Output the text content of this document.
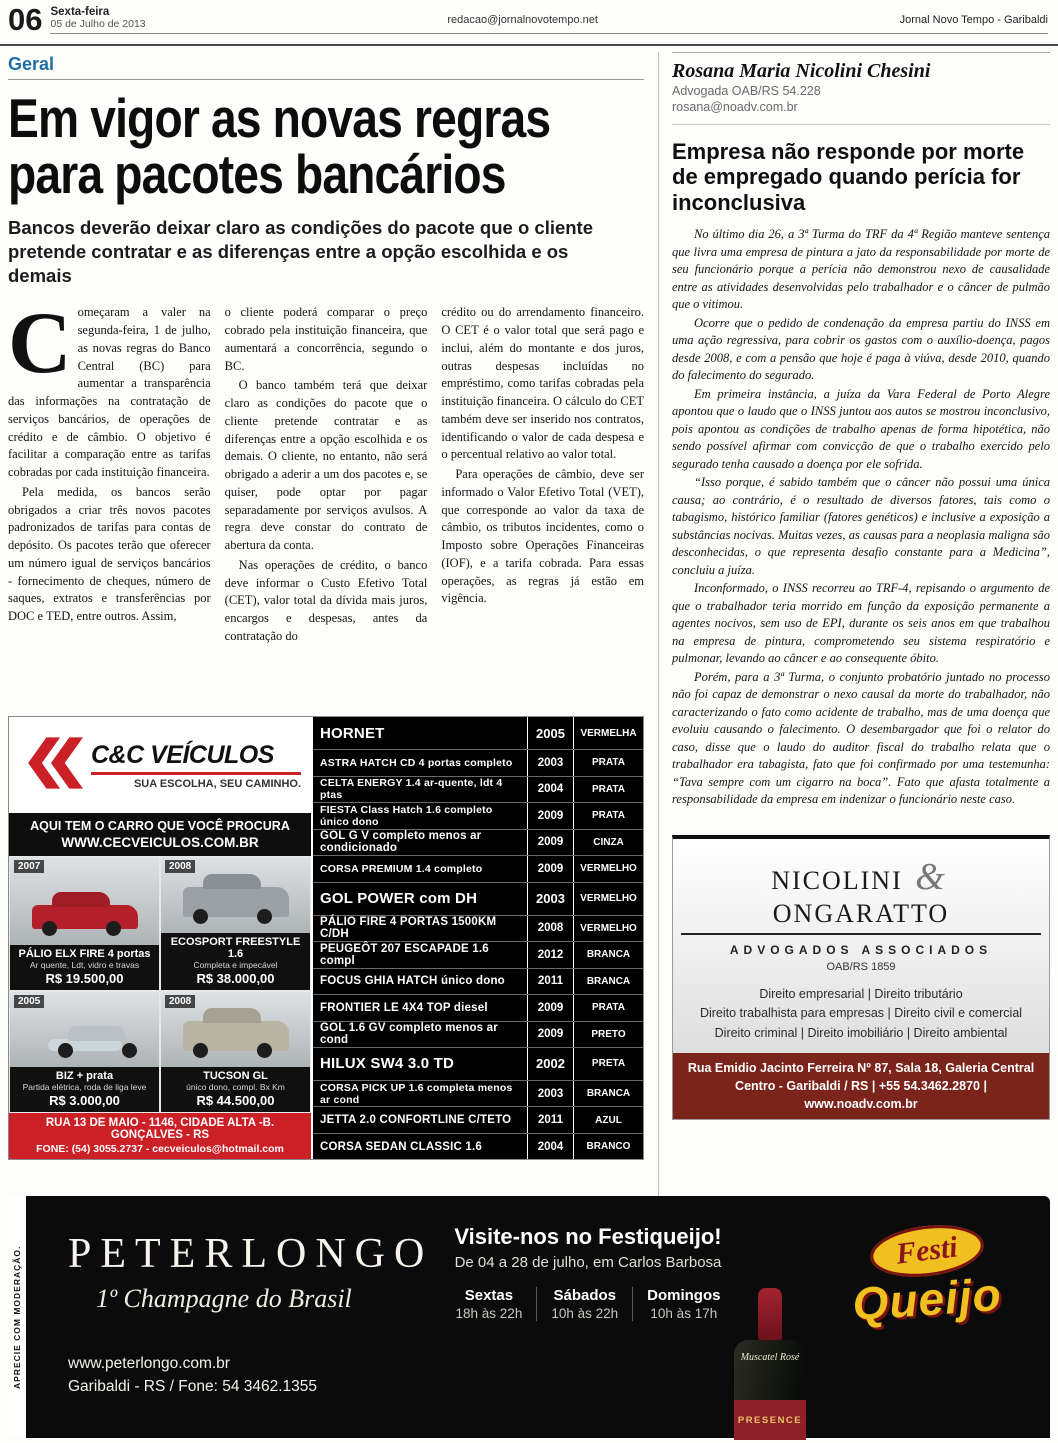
06 Sexta-feira
05 de Julho de 2013	redacao@jornalnovotempo.net	Jornal Novo Tempo - Garibaldi
Geral
Em vigor as novas regras
para pacotes bancários

Bancos deverão deixar claro as condições do pacote que o cliente pretende contratar e as diferenças entre a opção escolhida e os demais

Começaram a valer na segunda-feira, 1 de julho, as novas regras do Banco Central (BC) para aumentar a transparência das informações na contratação de serviços bancários, de operações de crédito e de câmbio. O objetivo é facilitar a comparação entre as tarifas cobradas por cada instituição financeira.

Pela medida, os bancos serão obrigados a criar três novos pacotes padronizados de tarifas para contas de depósito. Os pacotes terão que oferecer um número igual de serviços bancários - fornecimento de cheques, número de saques, extratos e transferências por DOC e TED, entre outros. Assim,

o cliente poderá comparar o preço cobrado pela instituição financeira, que aumentará a concorrência, segundo o BC.

O banco também terá que deixar claro as condições do pacote que o cliente pretende contratar e as diferenças entre a opção escolhida e os demais. O cliente, no entanto, não será obrigado a aderir a um dos pacotes e, se quiser, pode optar por pagar separadamente por serviços avulsos. A regra deve constar do contrato de abertura da conta.

Nas operações de crédito, o banco deve informar o Custo Efetivo Total (CET), valor total da dívida mais juros, encargos e despesas, antes da contratação do

crédito ou do arrendamento financeiro. O CET é o valor total que será pago e inclui, além do montante e dos juros, outras despesas incluídas no empréstimo, como tarifas cobradas pela instituição financeira. O cálculo do CET também deve ser inserido nos contratos, identificando o valor de cada despesa e o percentual relativo ao valor total.

Para operações de câmbio, deve ser informado o Valor Efetivo Total (VET), que corresponde ao valor da taxa de câmbio, os tributos incidentes, como o Imposto sobre Operações Financeiras (IOF), e a tarifa cobrada. Para essas operações, as regras já estão em vigência.

C&C VEÍCULOS
SUA ESCOLHA, SEU CAMINHO.
AQUI TEM O CARRO QUE VOCÊ PROCURA
WWW.CECVEICULOS.COM.BR
2007
PÁLIO ELX FIRE 4 portas
Ar quente, Ldt, vidro e travas
R$ 19.500,00
2008
ECOSPORT FREESTYLE 1.6
Completa e impecável
R$ 38.000,00
2005
BIZ + prata
Partida elétrica, roda de liga leve
R$ 3.000,00
2008
TUCSON GL
único dono, compl. Bx Km
R$ 44.500,00
RUA 13 DE MAIO - 1146, CIDADE ALTA -B. GONÇALVES - RS
FONE: (54) 3055.2737 - cecveiculos@hotmail.com
HORNET	2005	VERMELHA
ASTRA HATCH CD 4 portas completo	2003	PRATA
CELTA ENERGY 1.4 ar-quente, ldt 4 ptas	2004	PRATA
FIESTA Class Hatch 1.6 completo único dono	2009	PRATA
GOL G V completo menos ar condicionado	2009	CINZA
CORSA PREMIUM 1.4 completo	2009	VERMELHO
GOL POWER com DH	2003	VERMELHO
PÁLIO FIRE 4 PORTAS 1500KM C/DH	2008	VERMELHO
PEUGEÔT 207 ESCAPADE 1.6 compl	2012	BRANCA
FOCUS GHIA HATCH único dono	2011	BRANCA
FRONTIER LE 4X4 TOP diesel	2009	PRATA
GOL 1.6 GV completo menos ar cond	2009	PRETO
HILUX SW4 3.0 TD	2002	PRETA
CORSA PICK UP 1.6 completa menos ar cond	2003	BRANCA
JETTA 2.0 CONFORTLINE C/TETO	2011	AZUL
CORSA SEDAN CLASSIC 1.6	2004	BRANCO
Rosana Maria Nicolini Chesini
Advogada OAB/RS 54.228
rosana@noadv.com.br
Empresa não responde por morte de empregado quando perícia for inconclusiva

No último dia 26, a 3ª Turma do TRF da 4ª Região manteve sentença que livra uma empresa de pintura a jato da responsabilidade por morte de seu funcionário porque a perícia não demonstrou nexo de causalidade entre as atividades desenvolvidas pelo trabalhador e o câncer de pulmão que o vitimou.

Ocorre que o pedido de condenação da empresa partiu do INSS em uma ação regressiva, para cobrir os gastos com o auxílio-doença, pagos desde 2008, e com a pensão que hoje é paga à viúva, desde 2010, quando do falecimento do segurado.

Em primeira instância, a juíza da Vara Federal de Porto Alegre apontou que o laudo que o INSS juntou aos autos se mostrou inconclusivo, pois apontou as condições de trabalho apenas de forma hipotética, não sendo possível afirmar com convicção de que o trabalho exercido pelo segurado tenha causado a doença por ele sofrida.

“Isso porque, é sabido também que o câncer não possui uma única causa; ao contrário, é o resultado de diversos fatores, tais como o tabagismo, histórico familiar (fatores genéticos) e inclusive a exposição a substâncias nocivas. Muitas vezes, as causas para a neoplasia maligna são desconhecidas, o que representa desafio constante para a Medicina”, concluiu a juíza.

Inconformado, o INSS recorreu ao TRF-4, repisando o argumento de que o trabalhador teria morrido em função da exposição permanente a agentes nocivos, sem uso de EPI, durante os seis anos em que trabalhou na empresa de pintura, comprometendo seu sistema respiratório e pulmonar, levando ao câncer e ao consequente óbito.

Porém, para a 3ª Turma, o conjunto probatório juntado no processo não foi capaz de demonstrar o nexo causal da morte do trabalhador, não caracterizando o fato como acidente de trabalho, mas de uma doença que evoluiu causando o falecimento. O desembargador que foi o relator do caso, disse que o laudo do auditor fiscal do trabalho relata que o trabalhador era tabagista, fato que foi confirmado por uma testemunha: “Tava sempre com um cigarro na boca”. Fato que afasta totalmente a responsabilidade da empresa em indenizar o funcionário neste caso.

NICOLINI & ONGARATTO
ADVOGADOS ASSOCIADOS
OAB/RS 1859
Direito empresarial | Direito tributário
Direito trabalhista para empresas | Direito civil e comercial
Direito criminal | Direito imobiliário | Direito ambiental
Rua Emidio Jacinto Ferreira Nº 87, Sala 18, Galeria Central
Centro - Garibaldi / RS | +55 54.3462.2870 | www.noadv.com.br
APRECIE COM MODERAÇÃO. PETERLONGO
1º Champagne do Brasil
www.peterlongo.com.br
Garibaldi - RS / Fone: 54 3462.1355
Visite-nos no Festiqueijo!
De 04 a 28 de julho, em Carlos Barbosa
Sextas
18h às 22h
Sábados
10h às 22h
Domingos
10h às 17h
Muscatel Rosé
PRESENCE
Festi
Queijo
